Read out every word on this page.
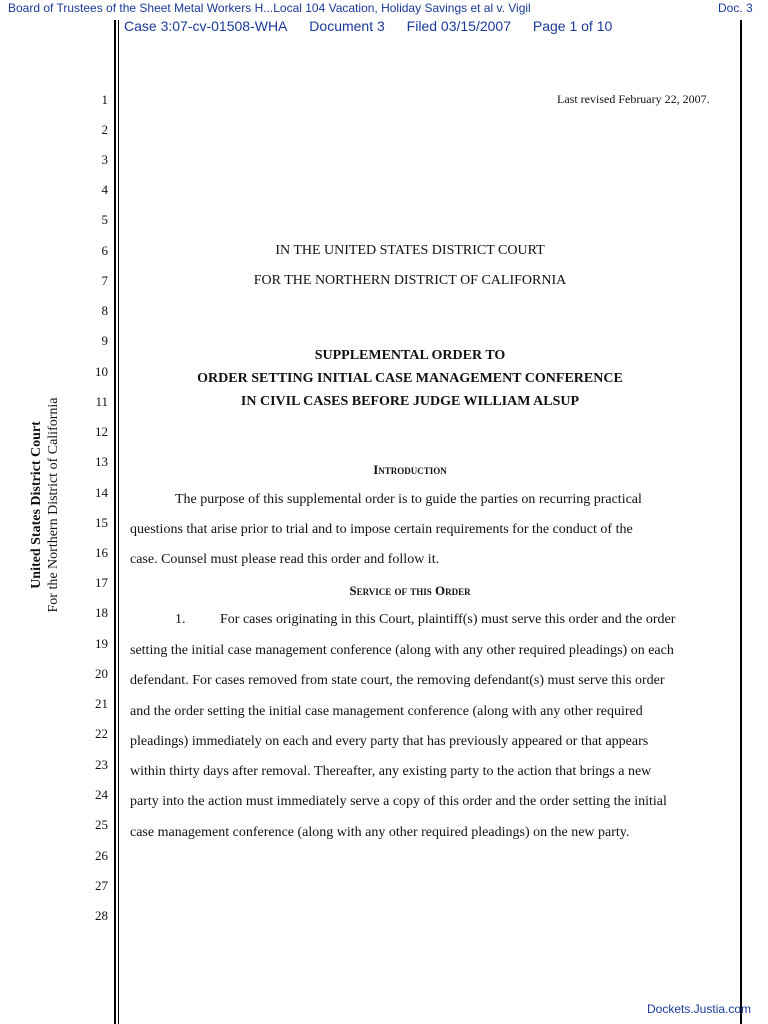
Board of Trustees of the Sheet Metal Workers H...Local 104 Vacation, Holiday Savings et al v. Vigil	Doc. 3
Case 3:07-cv-01508-WHA Document 3 Filed 03/15/2007 Page 1 of 10
United States District Court For the Northern District of California
1
2
3
4
5
6
7
8
9
10
11
12
13
14
15
16
17
18
19
20
21
22
23
24
25
26
27
28
Last revised February 22, 2007.
IN THE UNITED STATES DISTRICT COURT
FOR THE NORTHERN DISTRICT OF CALIFORNIA
SUPPLEMENTAL ORDER TO
ORDER SETTING INITIAL CASE MANAGEMENT CONFERENCE
IN CIVIL CASES BEFORE JUDGE WILLIAM ALSUP
Introduction
The purpose of this supplemental order is to guide the parties on recurring practical
questions that arise prior to trial and to impose certain requirements for the conduct of the
case. Counsel must please read this order and follow it.
Service of this Order
1. For cases originating in this Court, plaintiff(s) must serve this order and the order
setting the initial case management conference (along with any other required pleadings) on each
defendant. For cases removed from state court, the removing defendant(s) must serve this order
and the order setting the initial case management conference (along with any other required
pleadings) immediately on each and every party that has previously appeared or that appears
within thirty days after removal. Thereafter, any existing party to the action that brings a new
party into the action must immediately serve a copy of this order and the order setting the initial
case management conference (along with any other required pleadings) on the new party.
Dockets.Justia.com
